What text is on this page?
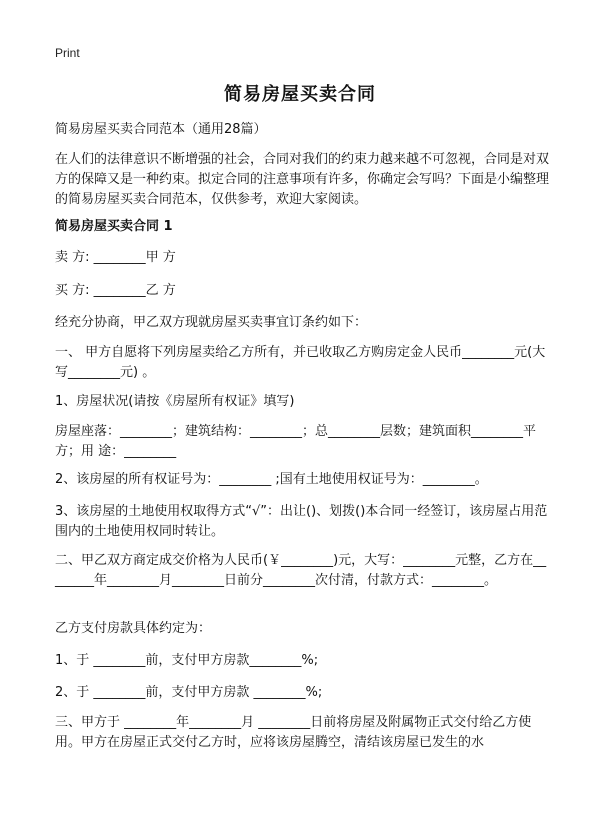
Print
简易房屋买卖合同
简易房屋买卖合同范本（通用28篇）
在人们的法律意识不断增强的社会，合同对我们的约束力越来越不可忽视，合同是对双方的保障又是一种约束。拟定合同的注意事项有许多，你确定会写吗？下面是小编整理的简易房屋买卖合同范本，仅供参考，欢迎大家阅读。
简易房屋买卖合同 1
卖 方: ________甲 方
买 方: ________乙 方
经充分协商，甲乙双方现就房屋买卖事宜订条约如下：
一、 甲方自愿将下列房屋卖给乙方所有，并已收取乙方购房定金人民币________元(大写________元) 。
1、房屋状况(请按《房屋所有权证》填写)
房屋座落：________；建筑结构：________；总________层数；建筑面积________平方；用 途：________
2、该房屋的所有权证号为：________ ;国有土地使用权证号为：________。
3、该房屋的土地使用权取得方式“√”：出让()、划拨()本合同一经签订，该房屋占用范围内的土地使用权同时转让。
二、甲乙双方商定成交价格为人民币(￥________)元，大写：________元整，乙方在________年________月________日前分________次付清，付款方式：________。
乙方支付房款具体约定为：
1、于 ________前，支付甲方房款________%;
2、于 ________前，支付甲方房款 ________%;
三、甲方于 ________年________月 ________日前将房屋及附属物正式交付给乙方使用。甲方在房屋正式交付乙方时，应将该房屋腾空，清结该房屋已发生的水
